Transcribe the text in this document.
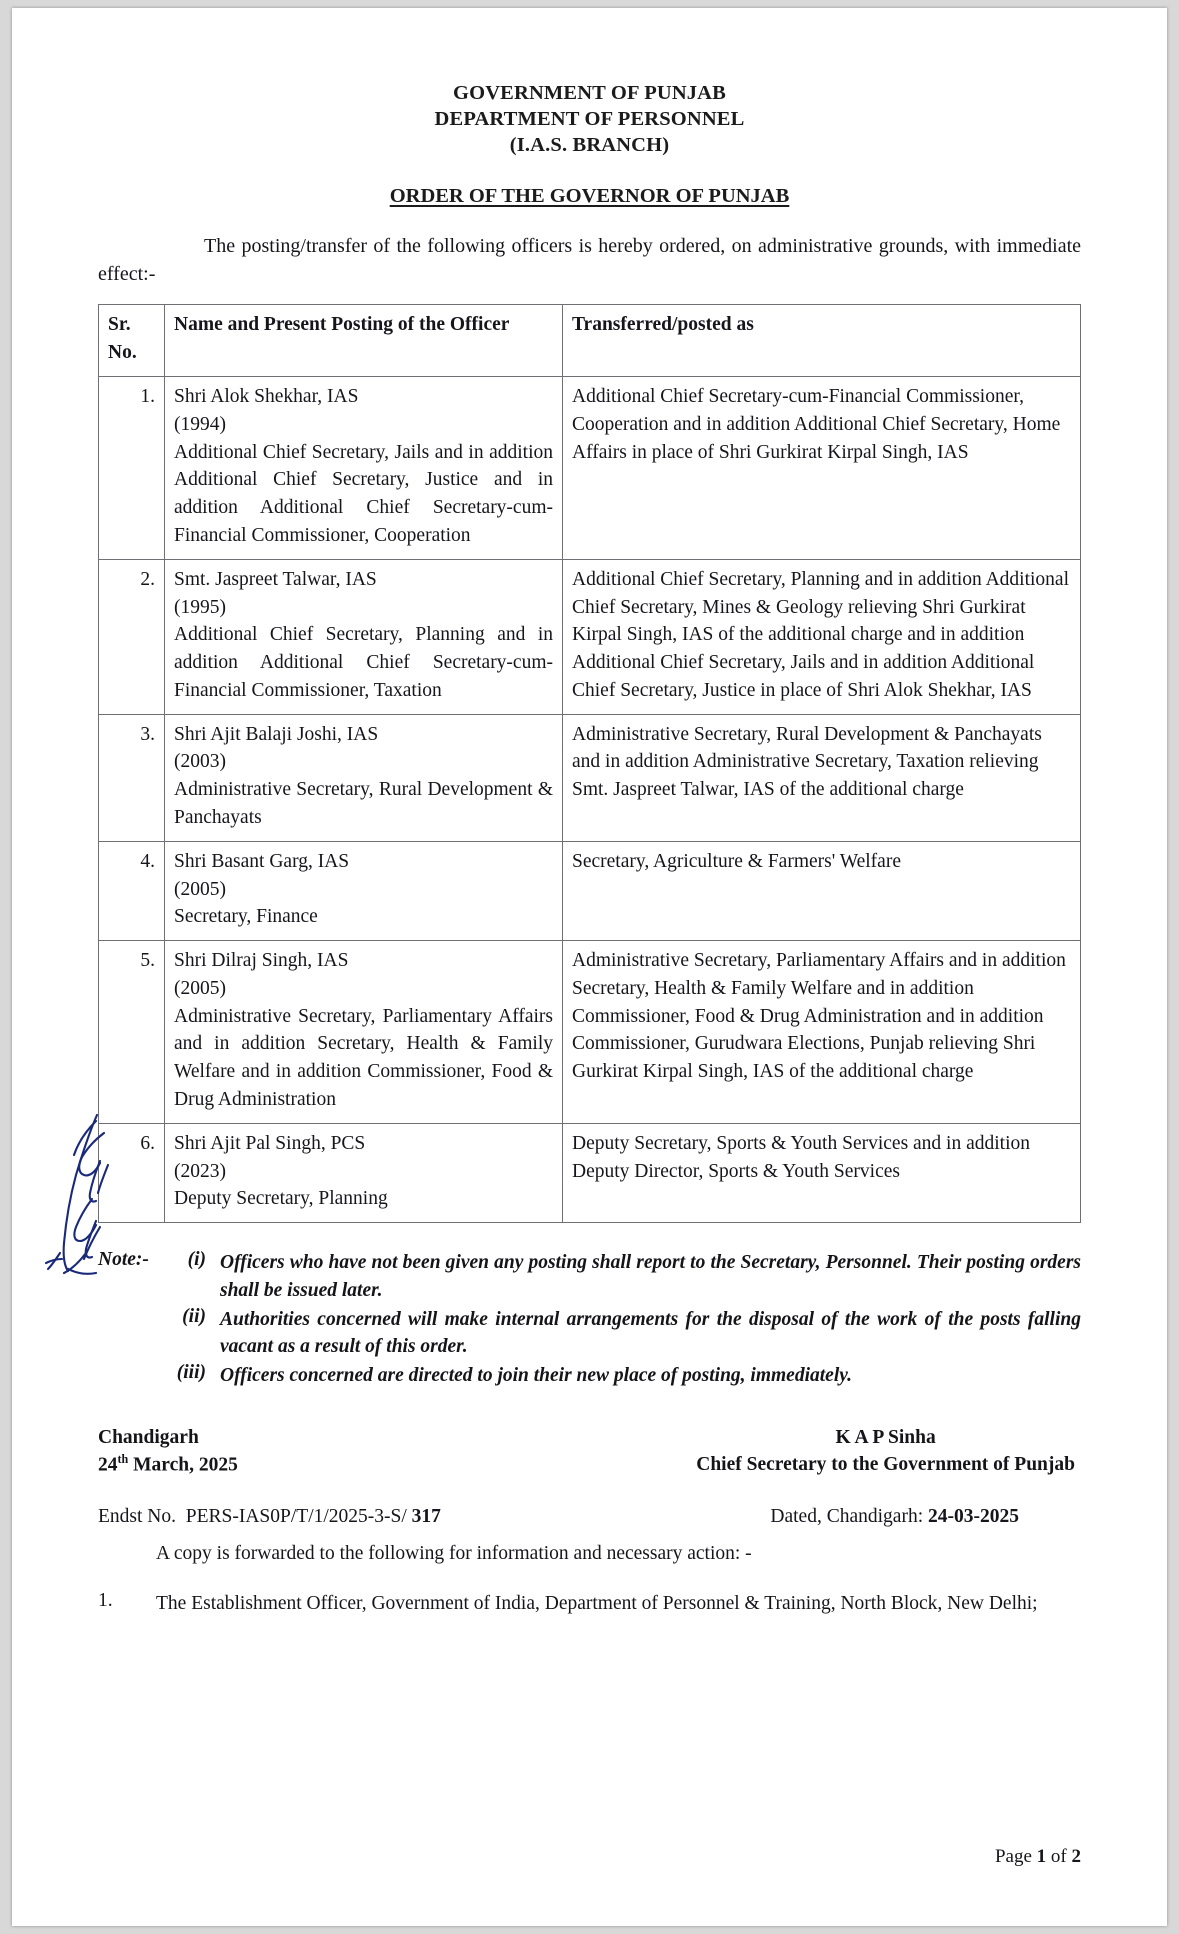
GOVERNMENT OF PUNJAB
DEPARTMENT OF PERSONNEL
(I.A.S. BRANCH)
ORDER OF THE GOVERNOR OF PUNJAB
The posting/transfer of the following officers is hereby ordered, on administrative grounds, with immediate effect:-
Sr.
No.	Name and Present Posting of the Officer	Transferred/posted as
1.	Shri Alok Shekhar, IAS
(1994)
Additional Chief Secretary, Jails and in addition Additional Chief Secretary, Justice and in addition Additional Chief Secretary-cum-Financial Commissioner, Cooperation	Additional Chief Secretary-cum-Financial Commissioner, Cooperation and in addition Additional Chief Secretary, Home Affairs in place of Shri Gurkirat Kirpal Singh, IAS
2.	Smt. Jaspreet Talwar, IAS
(1995)
Additional Chief Secretary, Planning and in addition Additional Chief Secretary-cum-Financial Commissioner, Taxation
	Additional Chief Secretary, Planning and in addition Additional Chief Secretary, Mines & Geology relieving Shri Gurkirat Kirpal Singh, IAS of the additional charge and in addition Additional Chief Secretary, Jails and in addition Additional Chief Secretary, Justice in place of Shri Alok Shekhar, IAS
3.	Shri Ajit Balaji Joshi, IAS
(2003)
Administrative Secretary, Rural Development & Panchayats	Administrative Secretary, Rural Development & Panchayats and in addition Administrative Secretary, Taxation relieving Smt. Jaspreet Talwar, IAS of the additional charge
4.	Shri Basant Garg, IAS
(2005)
Secretary, Finance	Secretary, Agriculture & Farmers' Welfare
5.	Shri Dilraj Singh, IAS
(2005)
Administrative Secretary, Parliamentary Affairs and in addition Secretary, Health & Family Welfare and in addition Commissioner, Food & Drug Administration
	Administrative Secretary, Parliamentary Affairs and in addition Secretary, Health & Family Welfare and in addition Commissioner, Food & Drug Administration and in addition Commissioner, Gurudwara Elections, Punjab relieving Shri Gurkirat Kirpal Singh, IAS of the additional charge
6.	Shri Ajit Pal Singh, PCS
(2023)
Deputy Secretary, Planning	Deputy Secretary, Sports & Youth Services and in addition Deputy Director, Sports & Youth Services
Note:-	(i) Officers who have not been given any posting shall report to the Secretary, Personnel. Their posting orders shall be issued later.
(ii) Authorities concerned will make internal arrangements for the disposal of the work of the posts falling vacant as a result of this order.
(iii) Officers concerned are directed to join their new place of posting, immediately.
Chandigarh
24th March, 2025
K A P Sinha
Chief Secretary to the Government of Punjab
Endst No. PERS-IAS0P/T/1/2025-3-S/ 317	Dated, Chandigarh: 24-03-2025
A copy is forwarded to the following for information and necessary action: -
1.	The Establishment Officer, Government of India, Department of Personnel & Training, North Block, New Delhi;
Page 1 of 2
